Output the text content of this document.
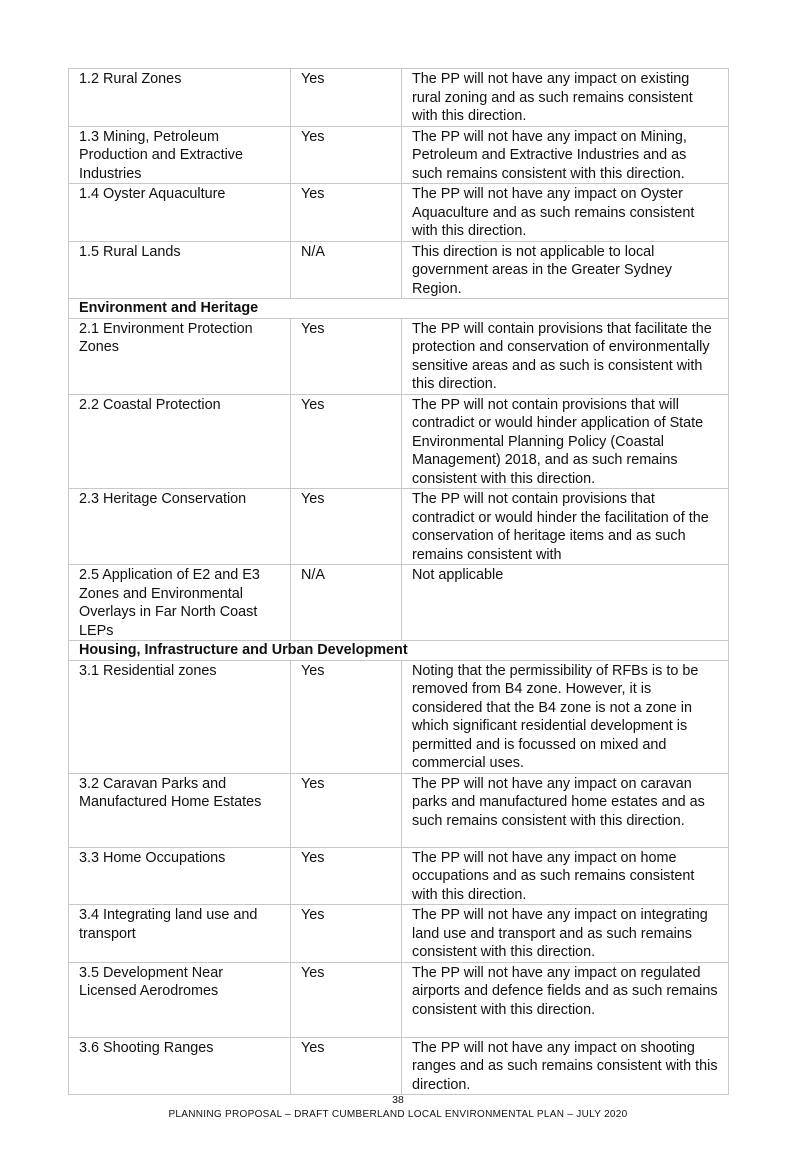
1.2 Rural Zones	Yes	The PP will not have any impact on existing rural zoning and as such remains consistent with this direction.
1.3 Mining, Petroleum Production and Extractive Industries	Yes	The PP will not have any impact on Mining, Petroleum and Extractive Industries and as such remains consistent with this direction.
1.4 Oyster Aquaculture	Yes	The PP will not have any impact on Oyster Aquaculture and as such remains consistent with this direction.
1.5 Rural Lands	N/A	This direction is not applicable to local government areas in the Greater Sydney Region.
Environment and Heritage		
2.1 Environment Protection Zones	Yes	The PP will contain provisions that facilitate the protection and conservation of environmentally sensitive areas and as such is consistent with this direction.
2.2 Coastal Protection	Yes	The PP will not contain provisions that will contradict or would hinder application of State Environmental Planning Policy (Coastal Management) 2018, and as such remains consistent with this direction.
2.3 Heritage Conservation	Yes	The PP will not contain provisions that contradict or would hinder the facilitation of the conservation of heritage items and as such remains consistent with
2.5 Application of E2 and E3 Zones and Environmental Overlays in Far North Coast LEPs	N/A	Not applicable
Housing, Infrastructure and Urban Development		
3.1 Residential zones	Yes	Noting that the permissibility of RFBs is to be removed from B4 zone. However, it is considered that the B4 zone is not a zone in which significant residential development is permitted and is focussed on mixed and commercial uses.
3.2 Caravan Parks and Manufactured Home Estates	Yes	The PP will not have any impact on caravan parks and manufactured home estates and as such remains consistent with this direction.
3.3 Home Occupations	Yes	The PP will not have any impact on home occupations and as such remains consistent with this direction.
3.4 Integrating land use and transport	Yes	The PP will not have any impact on integrating land use and transport and as such remains consistent with this direction.
3.5 Development Near Licensed Aerodromes	Yes	The PP will not have any impact on regulated airports and defence fields and as such remains consistent with this direction.
3.6 Shooting Ranges	Yes	The PP will not have any impact on shooting ranges and as such remains consistent with this direction.
38
PLANNING PROPOSAL – DRAFT CUMBERLAND LOCAL ENVIRONMENTAL PLAN – JULY 2020
